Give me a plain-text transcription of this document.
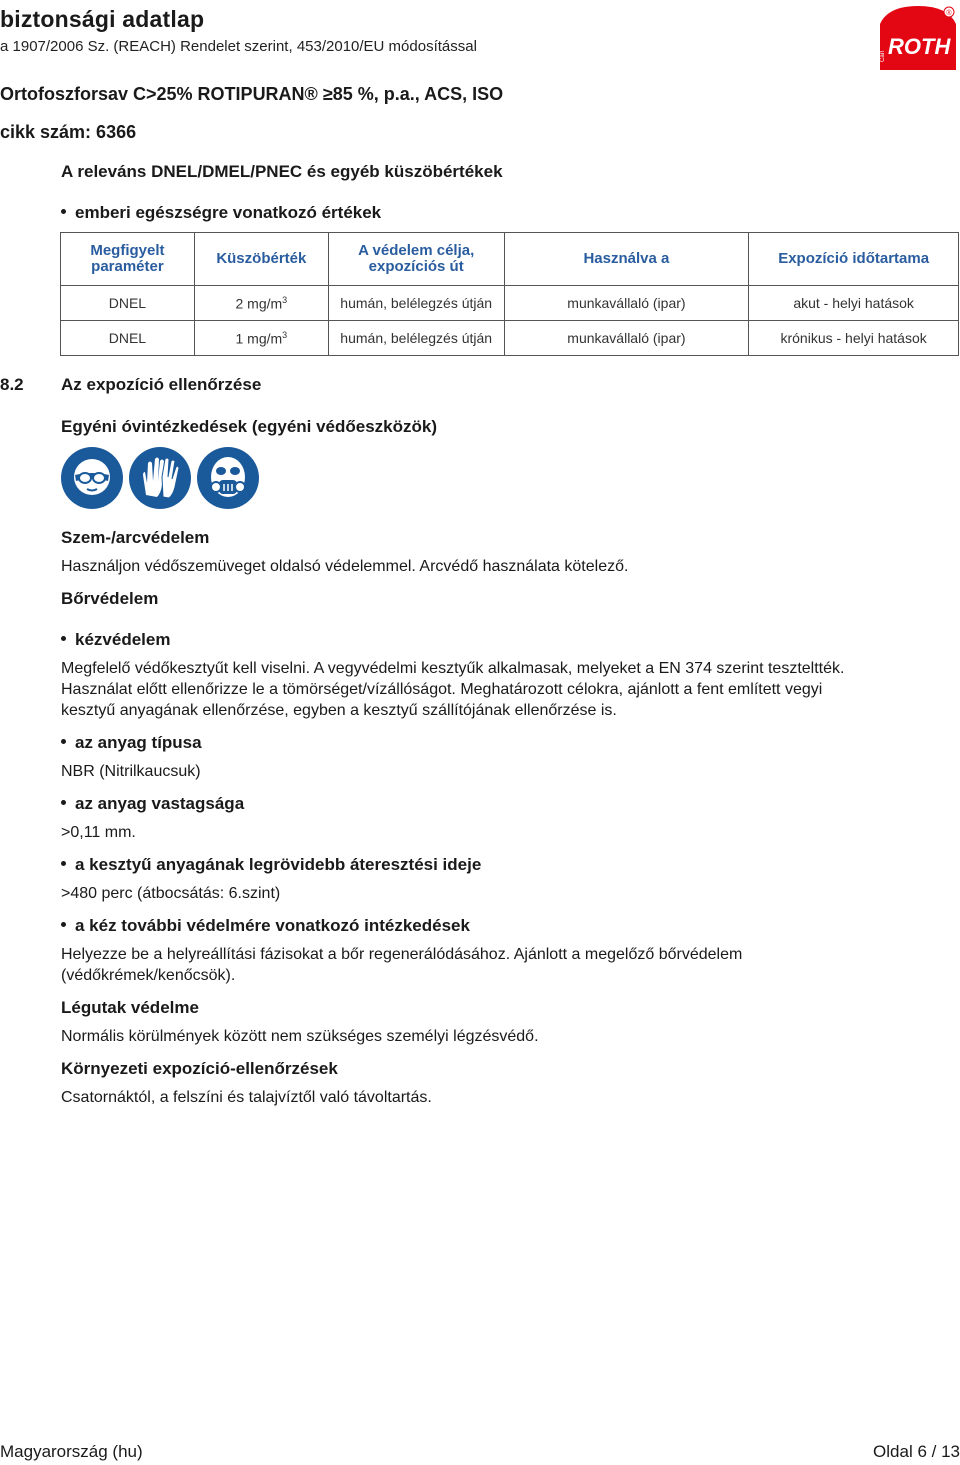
biztonsági adatlap
a 1907/2006 Sz. (REACH) Rendelet szerint, 453/2010/EU módosítással
Ortofoszforsav C>25% ROTIPURAN® ≥85 %, p.a., ACS, ISO
cikk szám: 6366
ROTH
Carl
®
A releváns DNEL/DMEL/PNEC és egyéb küszöbértékek
emberi egészségre vonatkozó értékek
Megfigyelt paraméter	Küszöbérték	A védelem célja, expozíciós út	Használva a	Expozíció időtartama
DNEL	2 $mg/m^3$	humán, belélegzés útján	munkavállaló (ipar)	akut - helyi hatások
DNEL	1 $mg/m^3$	humán, belélegzés útján	munkavállaló (ipar)	krónikus - helyi hatások
8.2 Az expozíció ellenőrzése
Egyéni óvintézkedések (egyéni védőeszközök)
Szem-/arcvédelem
Használjon védőszemüveget oldalsó védelemmel. Arcvédő használata kötelező.
Bőrvédelem
kézvédelem
Megfelelő védőkesztyűt kell viselni. A vegyvédelmi kesztyűk alkalmasak, melyeket a EN 374 szerint teszteltték.
Használat előtt ellenőrizze le a tömörséget/vízállóságot. Meghatározott célokra, ajánlott a fent említett vegyi
kesztyű anyagának ellenőrzése, egyben a kesztyű szállítójának ellenőrzése is.
az anyag típusa
NBR (Nitrilkaucsuk)
az anyag vastagsága
>0,11 mm.
a kesztyű anyagának legrövidebb áteresztési ideje
>480 perc (átbocsátás: 6.szint)
a kéz további védelmére vonatkozó intézkedések
Helyezze be a helyreállítási fázisokat a bőr regenerálódásához. Ajánlott a megelőző bőrvédelem
(védőkrémek/kenőcsök).
Légutak védelme
Normális körülmények között nem szükséges személyi légzésvédő.
Környezeti expozíció-ellenőrzések
Csatornáktól, a felszíni és talajvíztől való távoltartás.
Magyarország (hu)	Oldal 6 / 13
